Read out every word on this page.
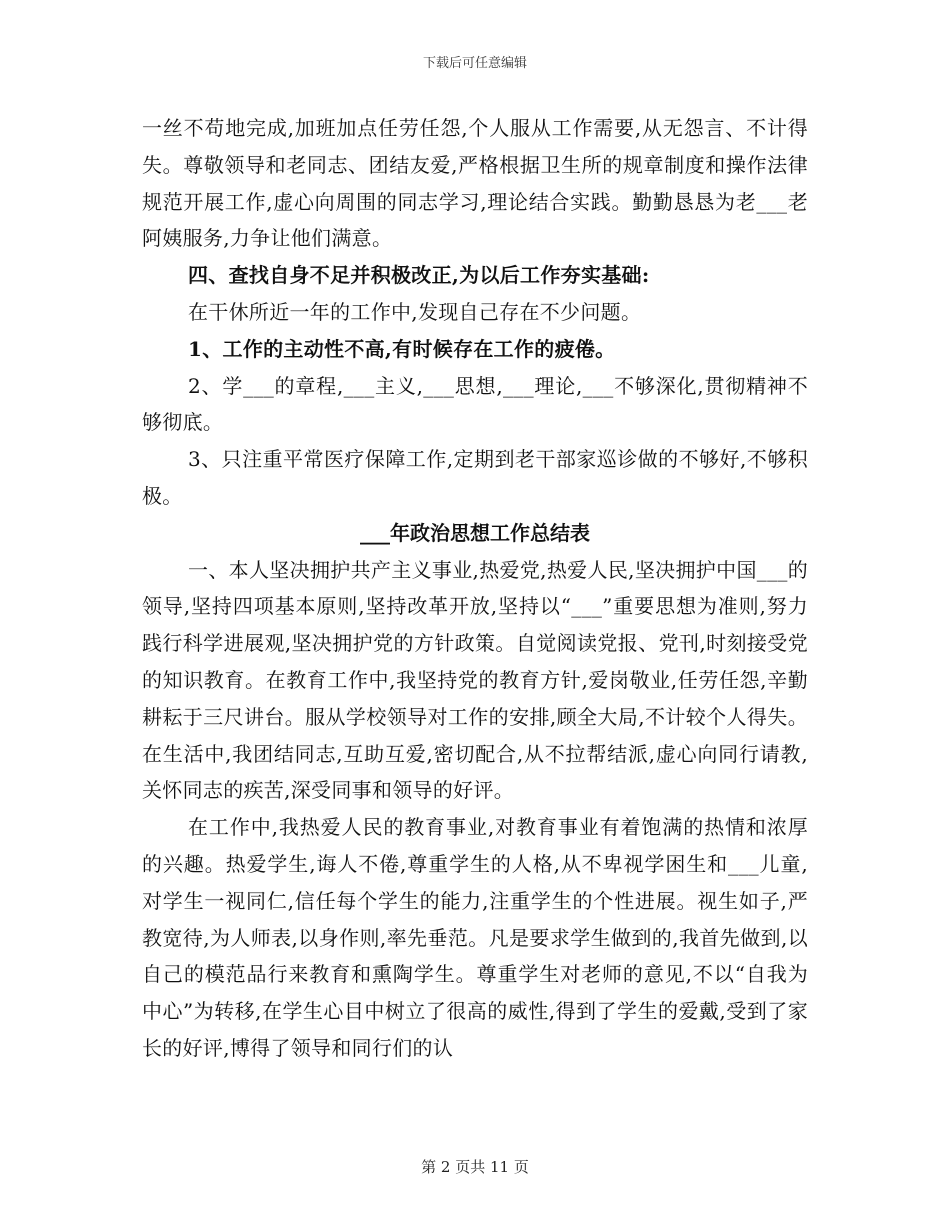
下载后可任意编辑

一丝不苟地完成,加班加点任劳任怨,个人服从工作需要,从无怨言、不计得失。尊敬领导和老同志、团结友爱,严格根据卫生所的规章制度和操作法律规范开展工作,虚心向周围的同志学习,理论结合实践。勤勤恳恳为老___老阿姨服务,力争让他们满意。

四、查找自身不足并积极改正,为以后工作夯实基础:

在干休所近一年的工作中,发现自己存在不少问题。

1、工作的主动性不高,有时候存在工作的疲倦。

2、学___的章程,___主义,___思想,___理论,___不够深化,贯彻精神不够彻底。

3、只注重平常医疗保障工作,定期到老干部家巡诊做的不够好,不够积极。

___年政治思想工作总结表

一、本人坚决拥护共产主义事业,热爱党,热爱人民,坚决拥护中国___的领导,坚持四项基本原则,坚持改革开放,坚持以“___”重要思想为准则,努力践行科学进展观,坚决拥护党的方针政策。自觉阅读党报、党刊,时刻接受党的知识教育。在教育工作中,我坚持党的教育方针,爱岗敬业,任劳任怨,辛勤耕耘于三尺讲台。服从学校领导对工作的安排,顾全大局,不计较个人得失。在生活中,我团结同志,互助互爱,密切配合,从不拉帮结派,虚心向同行请教,关怀同志的疾苦,深受同事和领导的好评。

在工作中,我热爱人民的教育事业,对教育事业有着饱满的热情和浓厚的兴趣。热爱学生,诲人不倦,尊重学生的人格,从不卑视学困生和___儿童,对学生一视同仁,信任每个学生的能力,注重学生的个性进展。视生如子,严教宽待,为人师表,以身作则,率先垂范。凡是要求学生做到的,我首先做到,以自己的模范品行来教育和熏陶学生。尊重学生对老师的意见,不以“自我为中心”为转移,在学生心目中树立了很高的威性,得到了学生的爱戴,受到了家长的好评,博得了领导和同行们的认

第 2 页共 11 页
